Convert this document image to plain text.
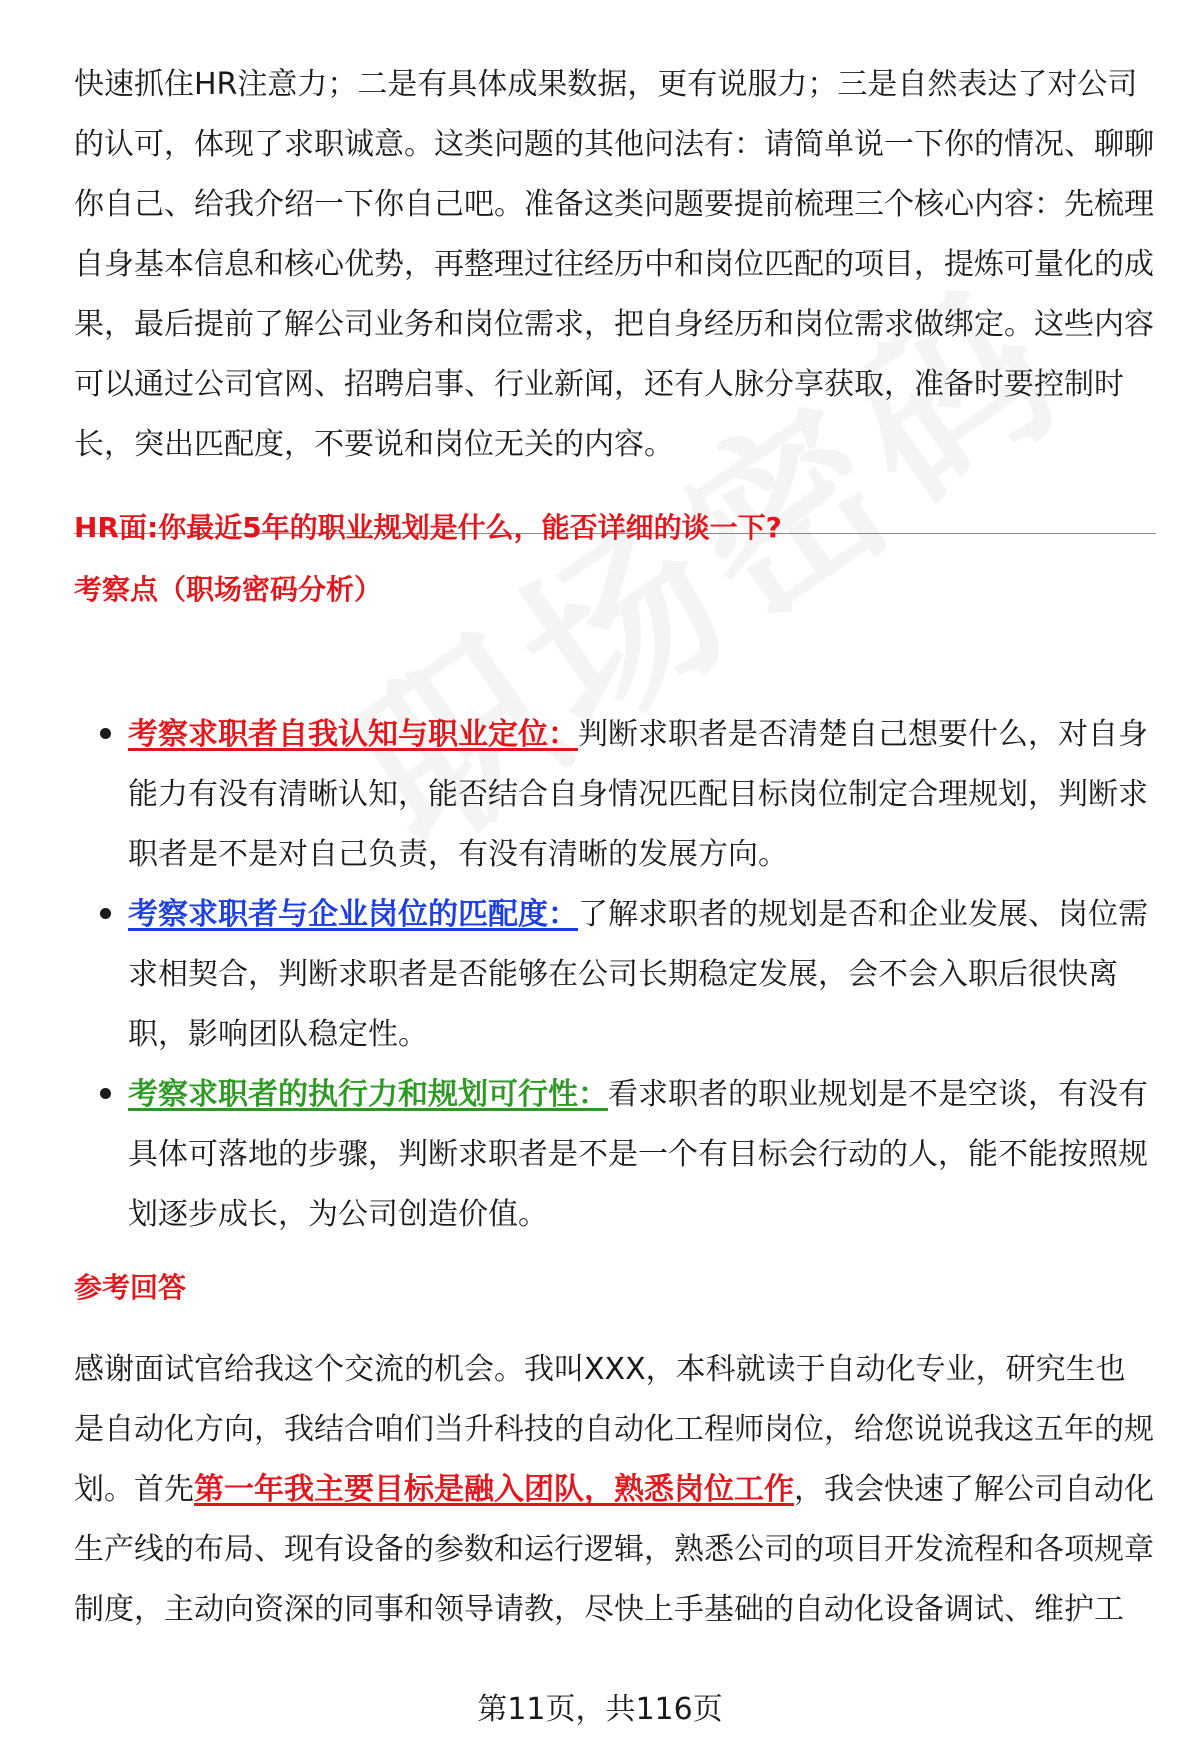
快速抓住HR注意力；二是有具体成果数据，更有说服力；三是自然表达了对公司的认可，体现了求职诚意。这类问题的其他问法有：请简单说一下你的情况、聊聊你自己、给我介绍一下你自己吧。准备这类问题要提前梳理三个核心内容：先梳理自身基本信息和核心优势，再整理过往经历中和岗位匹配的项目，提炼可量化的成果，最后提前了解公司业务和岗位需求，把自身经历和岗位需求做绑定。这些内容可以通过公司官网、招聘启事、行业新闻，还有人脉分享获取，准备时要控制时长，突出匹配度，不要说和岗位无关的内容。

HR面:你最近5年的职业规划是什么，能否详细的谈一下?
考察点（职场密码分析）
考察求职者自我认知与职业定位：判断求职者是否清楚自己想要什么，对自身能力有没有清晰认知，能否结合自身情况匹配目标岗位制定合理规划，判断求职者是不是对自己负责，有没有清晰的发展方向。
考察求职者与企业岗位的匹配度：了解求职者的规划是否和企业发展、岗位需求相契合，判断求职者是否能够在公司长期稳定发展，会不会入职后很快离职，影响团队稳定性。
考察求职者的执行力和规划可行性：看求职者的职业规划是不是空谈，有没有具体可落地的步骤，判断求职者是不是一个有目标会行动的人，能不能按照规划逐步成长，为公司创造价值。
参考回答

感谢面试官给我这个交流的机会。我叫XXX，本科就读于自动化专业，研究生也是自动化方向，我结合咱们当升科技的自动化工程师岗位，给您说说我这五年的规划。首先第一年我主要目标是融入团队，熟悉岗位工作，我会快速了解公司自动化生产线的布局、现有设备的参数和运行逻辑，熟悉公司的项目开发流程和各项规章制度，主动向资深的同事和领导请教，尽快上手基础的自动化设备调试、维护工

第11页，共116页
